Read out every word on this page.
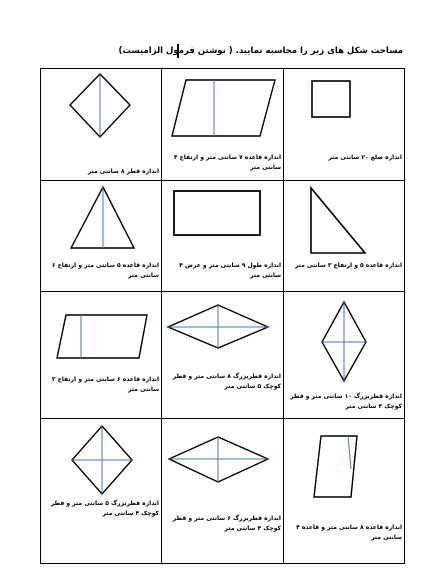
مساحت شکل های زیر را محاسبه نمایید. ( نوشتن فرمول الزامیست)
اندازه ضلع ۲۰ سانتی متر
اندازه قاعده ۷ سانتی متر و ارتفاع ۴ سانتی متر
اندازه قطر ۸ سانتی متر
اندازه قاعده ۵ و ارتفاع ۳ سانتی متر
اندازه طول ۹ سانتی متر و عرض ۴ سانتی متر
اندازه قاعده ۵ سانتی متر و ارتفاع ۶ سانتی متر
اندازه قطربزرگ ۱۰ سانتی متر و قطر کوچک ۴ سانتی متر
اندازه قطربزرگ ۸ سانتی متر و قطر کوچک ۵ سانتی متر
اندازه قاعده ۶ سانتی متر و ارتفاع ۳ سانتی متر
اندازه قاعده ۸ سانتی متر و قاعده ۴ سانتی متر
اندازه قطربزرگ ۶ سانتی متر و قطر کوچک ۴ سانتی متر
اندازه قطربزرگ ۵ سانتی متر و قطر کوچک ۴ سانتی متر
